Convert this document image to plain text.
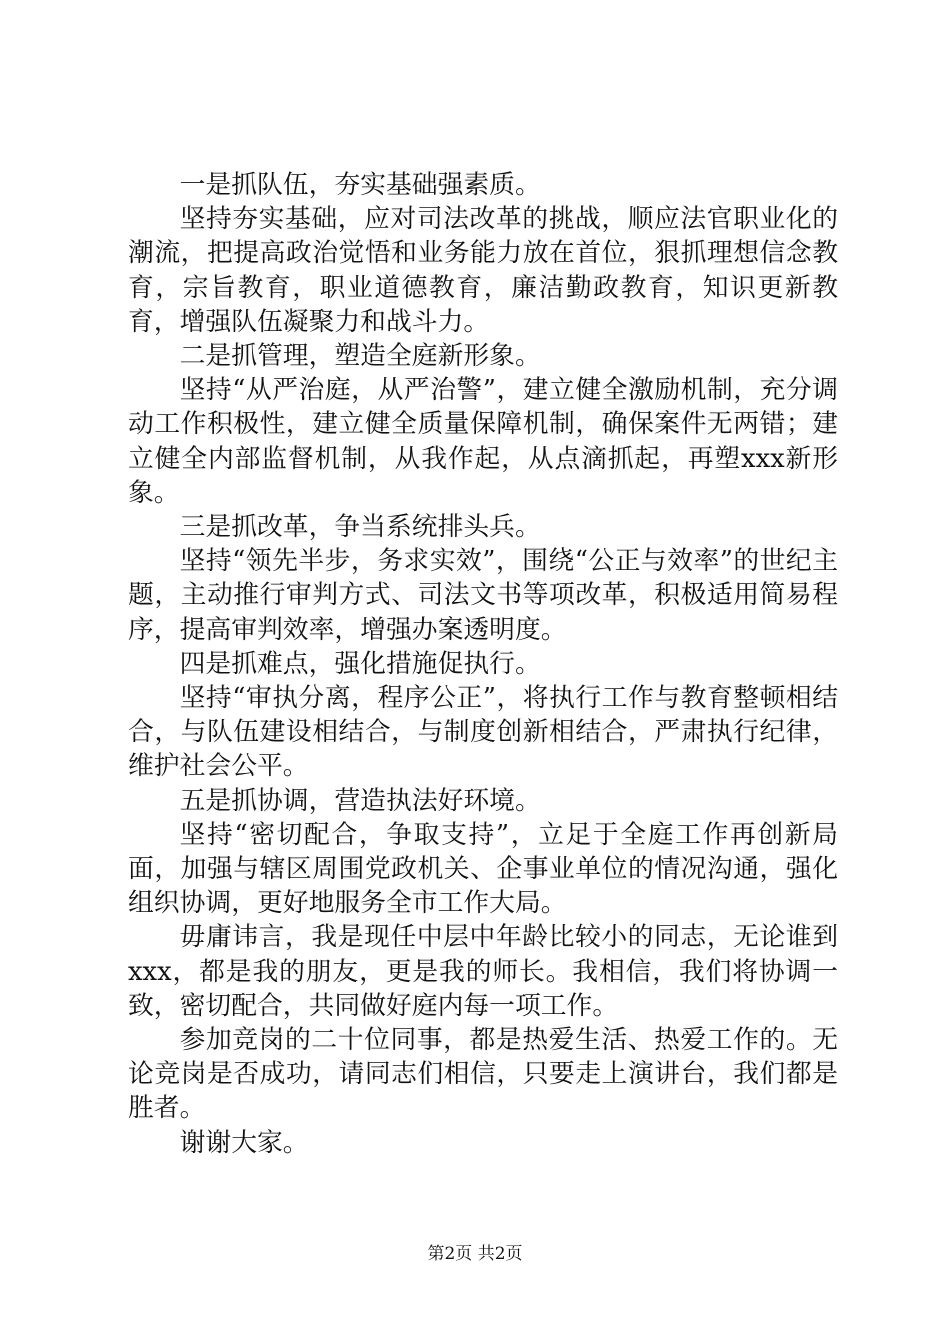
一是抓队伍，夯实基础强素质。

坚持夯实基础，应对司法改革的挑战，顺应法官职业化的潮流，把提高政治觉悟和业务能力放在首位，狠抓理想信念教育，宗旨教育，职业道德教育，廉洁勤政教育，知识更新教育，增强队伍凝聚力和战斗力。

二是抓管理，塑造全庭新形象。

坚持“从严治庭，从严治警”，建立健全激励机制，充分调动工作积极性，建立健全质量保障机制，确保案件无两错；建立健全内部监督机制，从我作起，从点滴抓起，再塑xxx新形象。

三是抓改革，争当系统排头兵。

坚持“领先半步，务求实效”，围绕“公正与效率”的世纪主题，主动推行审判方式、司法文书等项改革，积极适用简易程序，提高审判效率，增强办案透明度。

四是抓难点，强化措施促执行。

坚持“审执分离，程序公正”，将执行工作与教育整顿相结合，与队伍建设相结合，与制度创新相结合，严肃执行纪律，维护社会公平。

五是抓协调，营造执法好环境。

坚持“密切配合，争取支持”，立足于全庭工作再创新局面，加强与辖区周围党政机关、企事业单位的情况沟通，强化组织协调，更好地服务全市工作大局。

毋庸讳言，我是现任中层中年龄比较小的同志，无论谁到xxx，都是我的朋友，更是我的师长。我相信，我们将协调一致，密切配合，共同做好庭内每一项工作。

参加竞岗的二十位同事，都是热爱生活、热爱工作的。无论竞岗是否成功，请同志们相信，只要走上演讲台，我们都是胜者。

谢谢大家。

第2页 共2页
